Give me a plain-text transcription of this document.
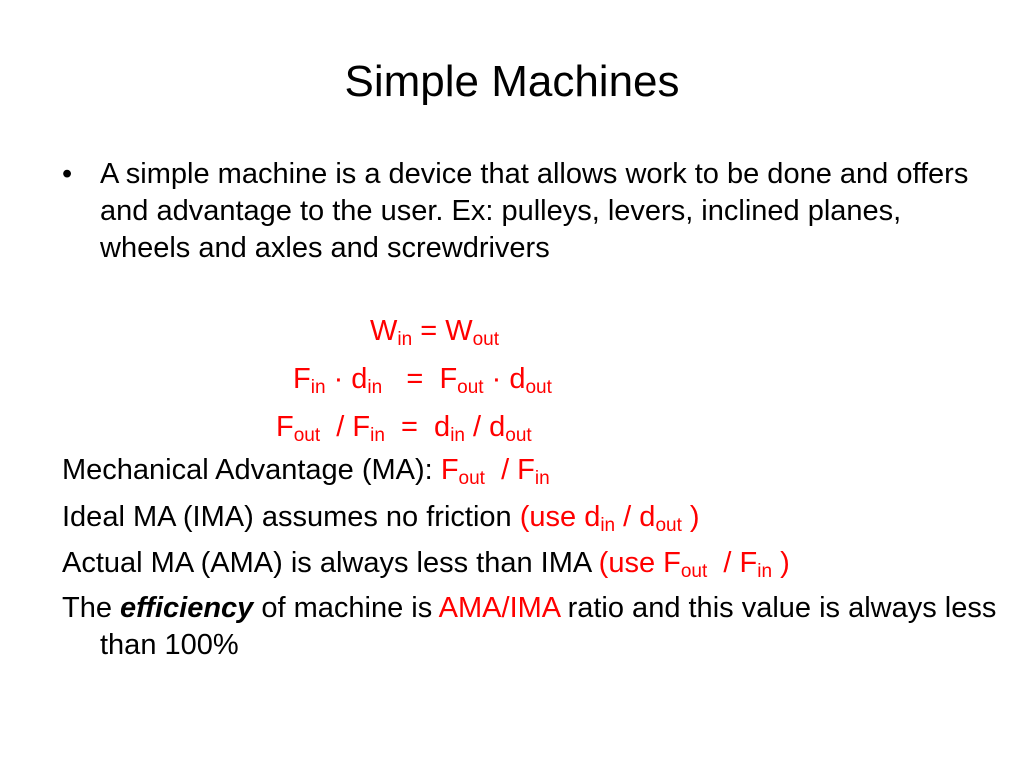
Simple Machines
• A simple machine is a device that allows work to be done and offers and advantage to the user. Ex: pulleys, levers, inclined planes, wheels and axles and screwdrivers
$W_{in} = W_{out}$
$F_{in} \cdot d_{in} = F_{out} \cdot d_{out}$
$F_{out} / F_{in} = d_{in} / d_{out}$
Mechanical Advantage (MA): $F_{out} / F_{in}$
Ideal MA (IMA) assumes no friction (use $d_{in} / d_{out}$ )
Actual MA (AMA) is always less than IMA (use $F_{out} / F_{in}$ )
The efficiency of machine is AMA/IMA ratio and this value is always less than 100%
